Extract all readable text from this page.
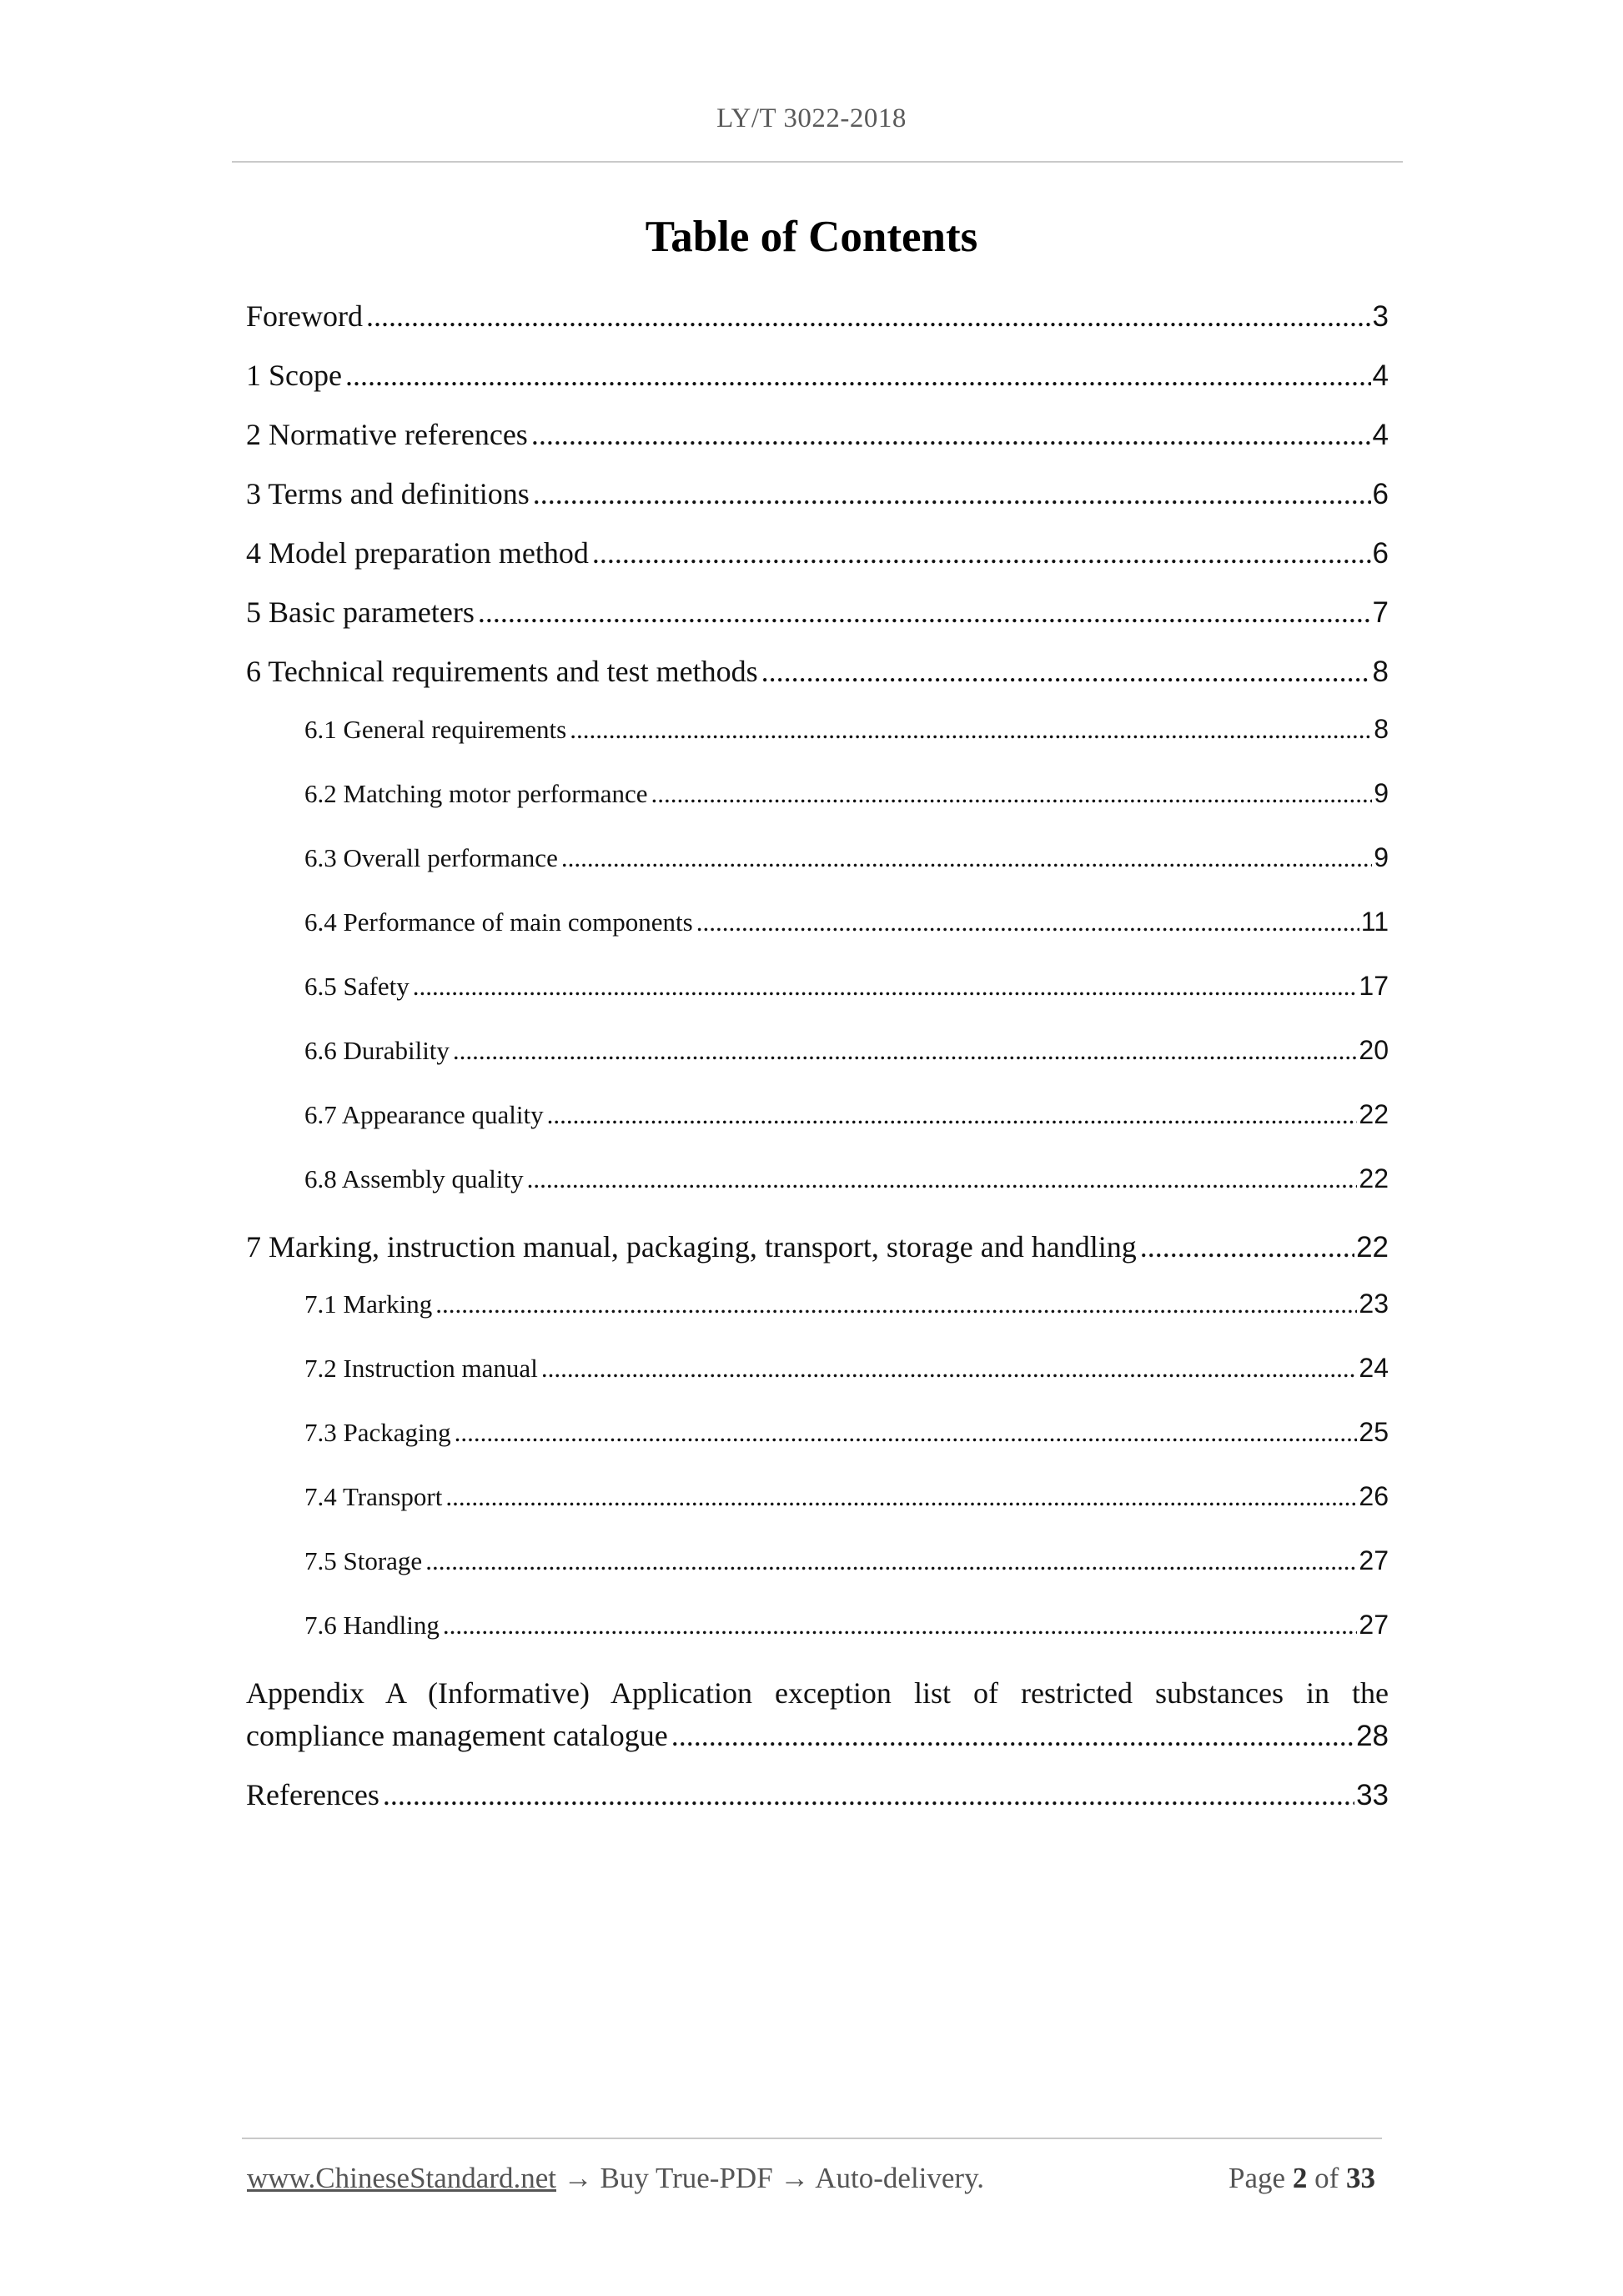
LY/T 3022-2018
Table of Contents
Foreword .....	3
1 Scope .....	4
2 Normative references .....	4
3 Terms and definitions .....	6
4 Model preparation method .....	6
5 Basic parameters .....	7
6 Technical requirements and test methods .....	8
6.1 General requirements .....	8
6.2 Matching motor performance .....	9
6.3 Overall performance .....	9
6.4 Performance of main components .....	11
6.5 Safety .....	17
6.6 Durability .....	20
6.7 Appearance quality .....	22
6.8 Assembly quality .....	22
7 Marking, instruction manual, packaging, transport, storage and handling .....	22
7.1 Marking .....	23
7.2 Instruction manual .....	24
7.3 Packaging .....	25
7.4 Transport .....	26
7.5 Storage .....	27
7.6 Handling .....	27
Appendix A (Informative) Application exception list of restricted substances in the
compliance management catalogue .....	28
References .....	33
www.ChineseStandard.net → Buy True-PDF → Auto-delivery.	Page 2 of 33
